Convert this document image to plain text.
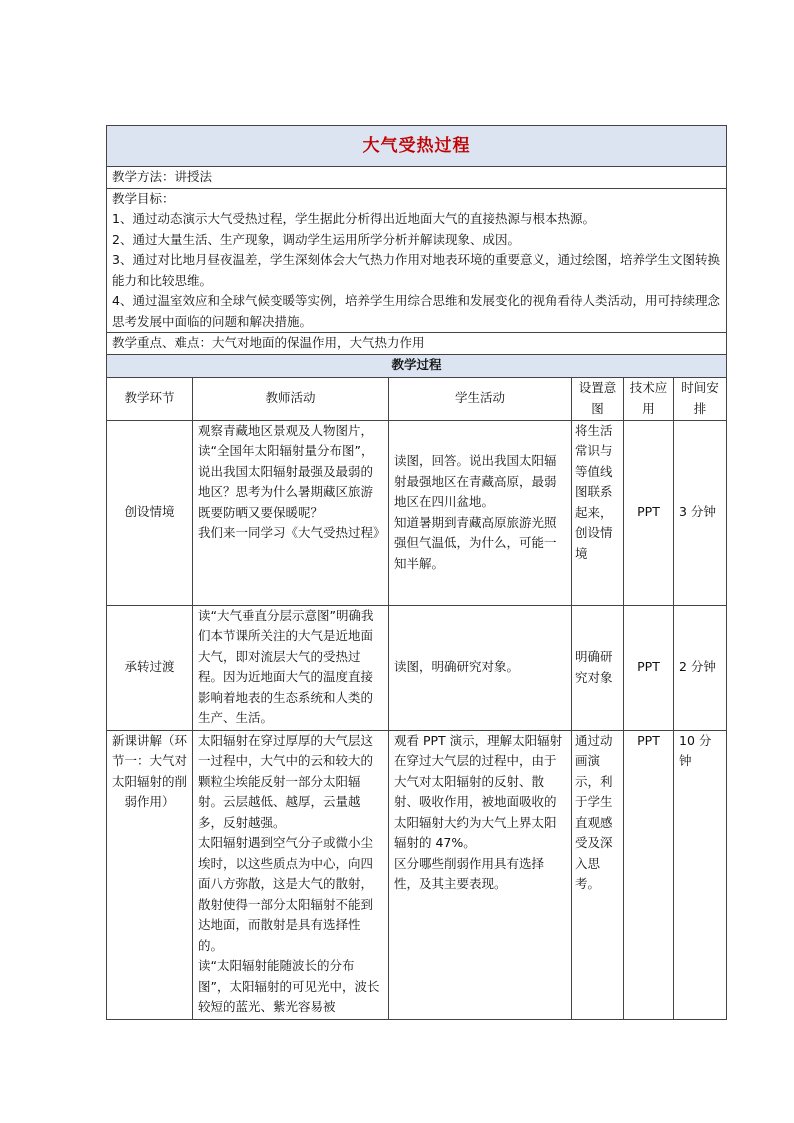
大气受热过程					
教学方法：讲授法					

教学目标：
1、通过动态演示大气受热过程，学生据此分析得出近地面大气的直接热源与根本热源。
2、通过大量生活、生产现象，调动学生运用所学分析并解读现象、成因。
3、通过对比地月昼夜温差，学生深刻体会大气热力作用对地表环境的重要意义，通过绘图，培养学生文图转换能力和比较思维。
4、通过温室效应和全球气候变暖等实例，培养学生用综合思维和发展变化的视角看待人类活动，用可持续理念思考发展中面临的问题和解决措施。					

教学重点、难点：大气对地面的保温作用，大气热力作用					
教学过程					
教学环节	教师活动	学生活动	设置意图	技术应用	时间安排
创设情境	观察青藏地区景观及人物图片，读“全国年太阳辐射量分布图”，说出我国太阳辐射最强及最弱的地区？思考为什么暑期藏区旅游既要防晒又要保暖呢？
我们来一同学习《大气受热过程》	读图，回答。说出我国太阳辐射最强地区在青藏高原，最弱地区在四川盆地。
知道暑期到青藏高原旅游光照强但气温低，为什么，可能一知半解。	将生活常识与等值线图联系起来，创设情境	PPT	3 分钟
承转过渡	读“大气垂直分层示意图”明确我们本节课所关注的大气是近地面大气，即对流层大气的受热过程。因为近地面大气的温度直接影响着地表的生态系统和人类的生产、生活。	读图，明确研究对象。	明确研究对象	PPT	2 分钟
新课讲解（环节一：大气对太阳辐射的削弱作用）	太阳辐射在穿过厚厚的大气层这一过程中，大气中的云和较大的颗粒尘埃能反射一部分太阳辐射。云层越低、越厚，云量越多，反射越强。
太阳辐射遇到空气分子或微小尘埃时，以这些质点为中心，向四面八方弥散，这是大气的散射，散射使得一部分太阳辐射不能到达地面，而散射是具有选择性的。
读“太阳辐射能随波长的分布图”，太阳辐射的可见光中，波长较短的蓝光、紫光容易被	观看 PPT 演示，理解太阳辐射在穿过大气层的过程中，由于大气对太阳辐射的反射、散射、吸收作用，被地面吸收的太阳辐射大约为大气上界太阳辐射的 47%。
区分哪些削弱作用具有选择性，及其主要表现。	通过动画演示，利于学生直观感受及深入思考。	PPT	10 分钟
